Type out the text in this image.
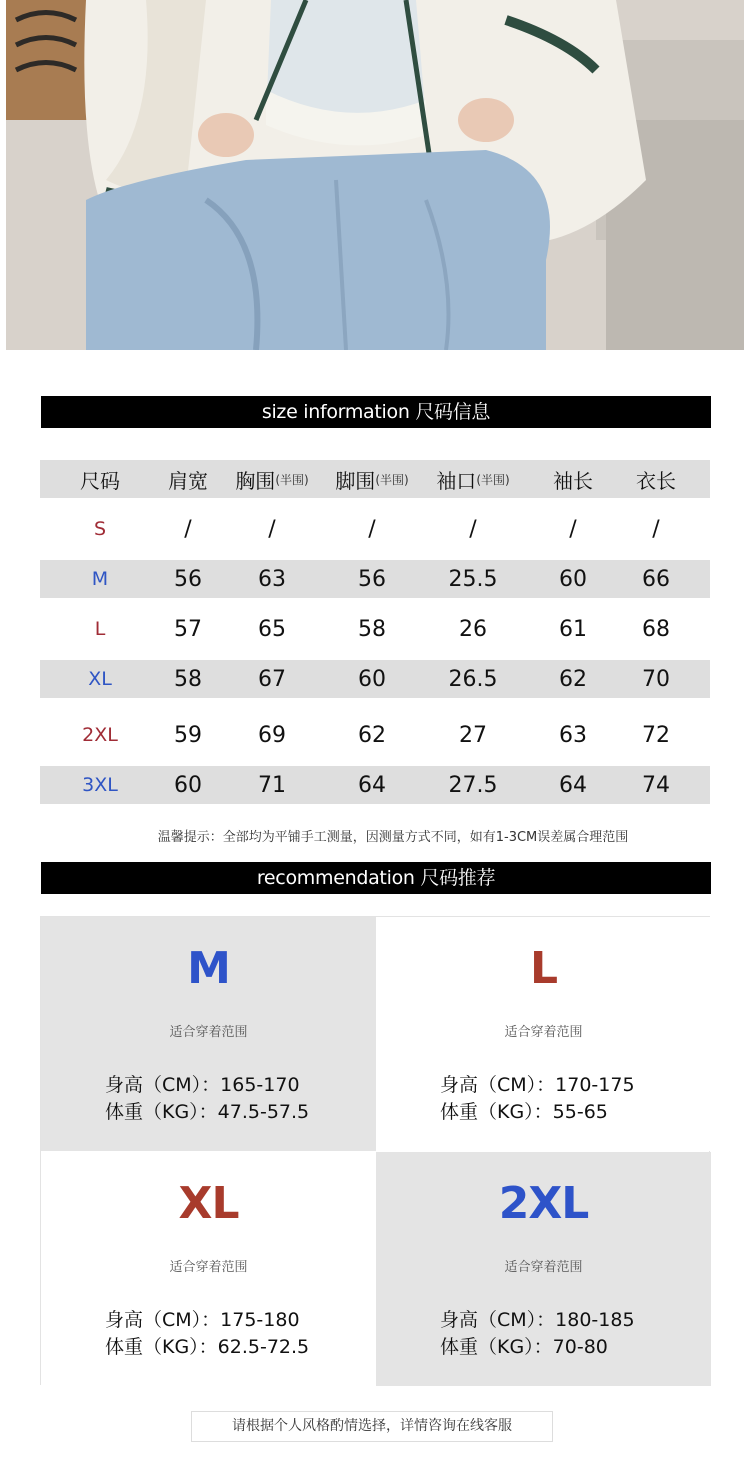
size information 尺码信息
尺码 肩宽 胸围 (半围) 脚围 (半围) 袖口 (半围) 袖长 衣长
S	/	/	/	/	/	/
M	56	63	56	25.5	60	66
L	57	65	58	26	61	68
XL	58	67	60	26.5	62	70
2XL	59	69	62	27	63	72
3XL	60	71	64	27.5	64	74
温馨提示：全部均为平铺手工测量，因测量方式不同，如有1-3CM误差属合理范围
recommendation 尺码推荐
M
适合穿着范围
身高（CM）：165-170
体重（KG）：47.5-57.5
L
适合穿着范围
身高（CM）：170-175
体重（KG）：55-65
XL
适合穿着范围
身高（CM）：175-180
体重（KG）：62.5-72.5
2XL
适合穿着范围
身高（CM）：180-185
体重（KG）：70-80
请根据个人风格酌情选择，详情咨询在线客服
